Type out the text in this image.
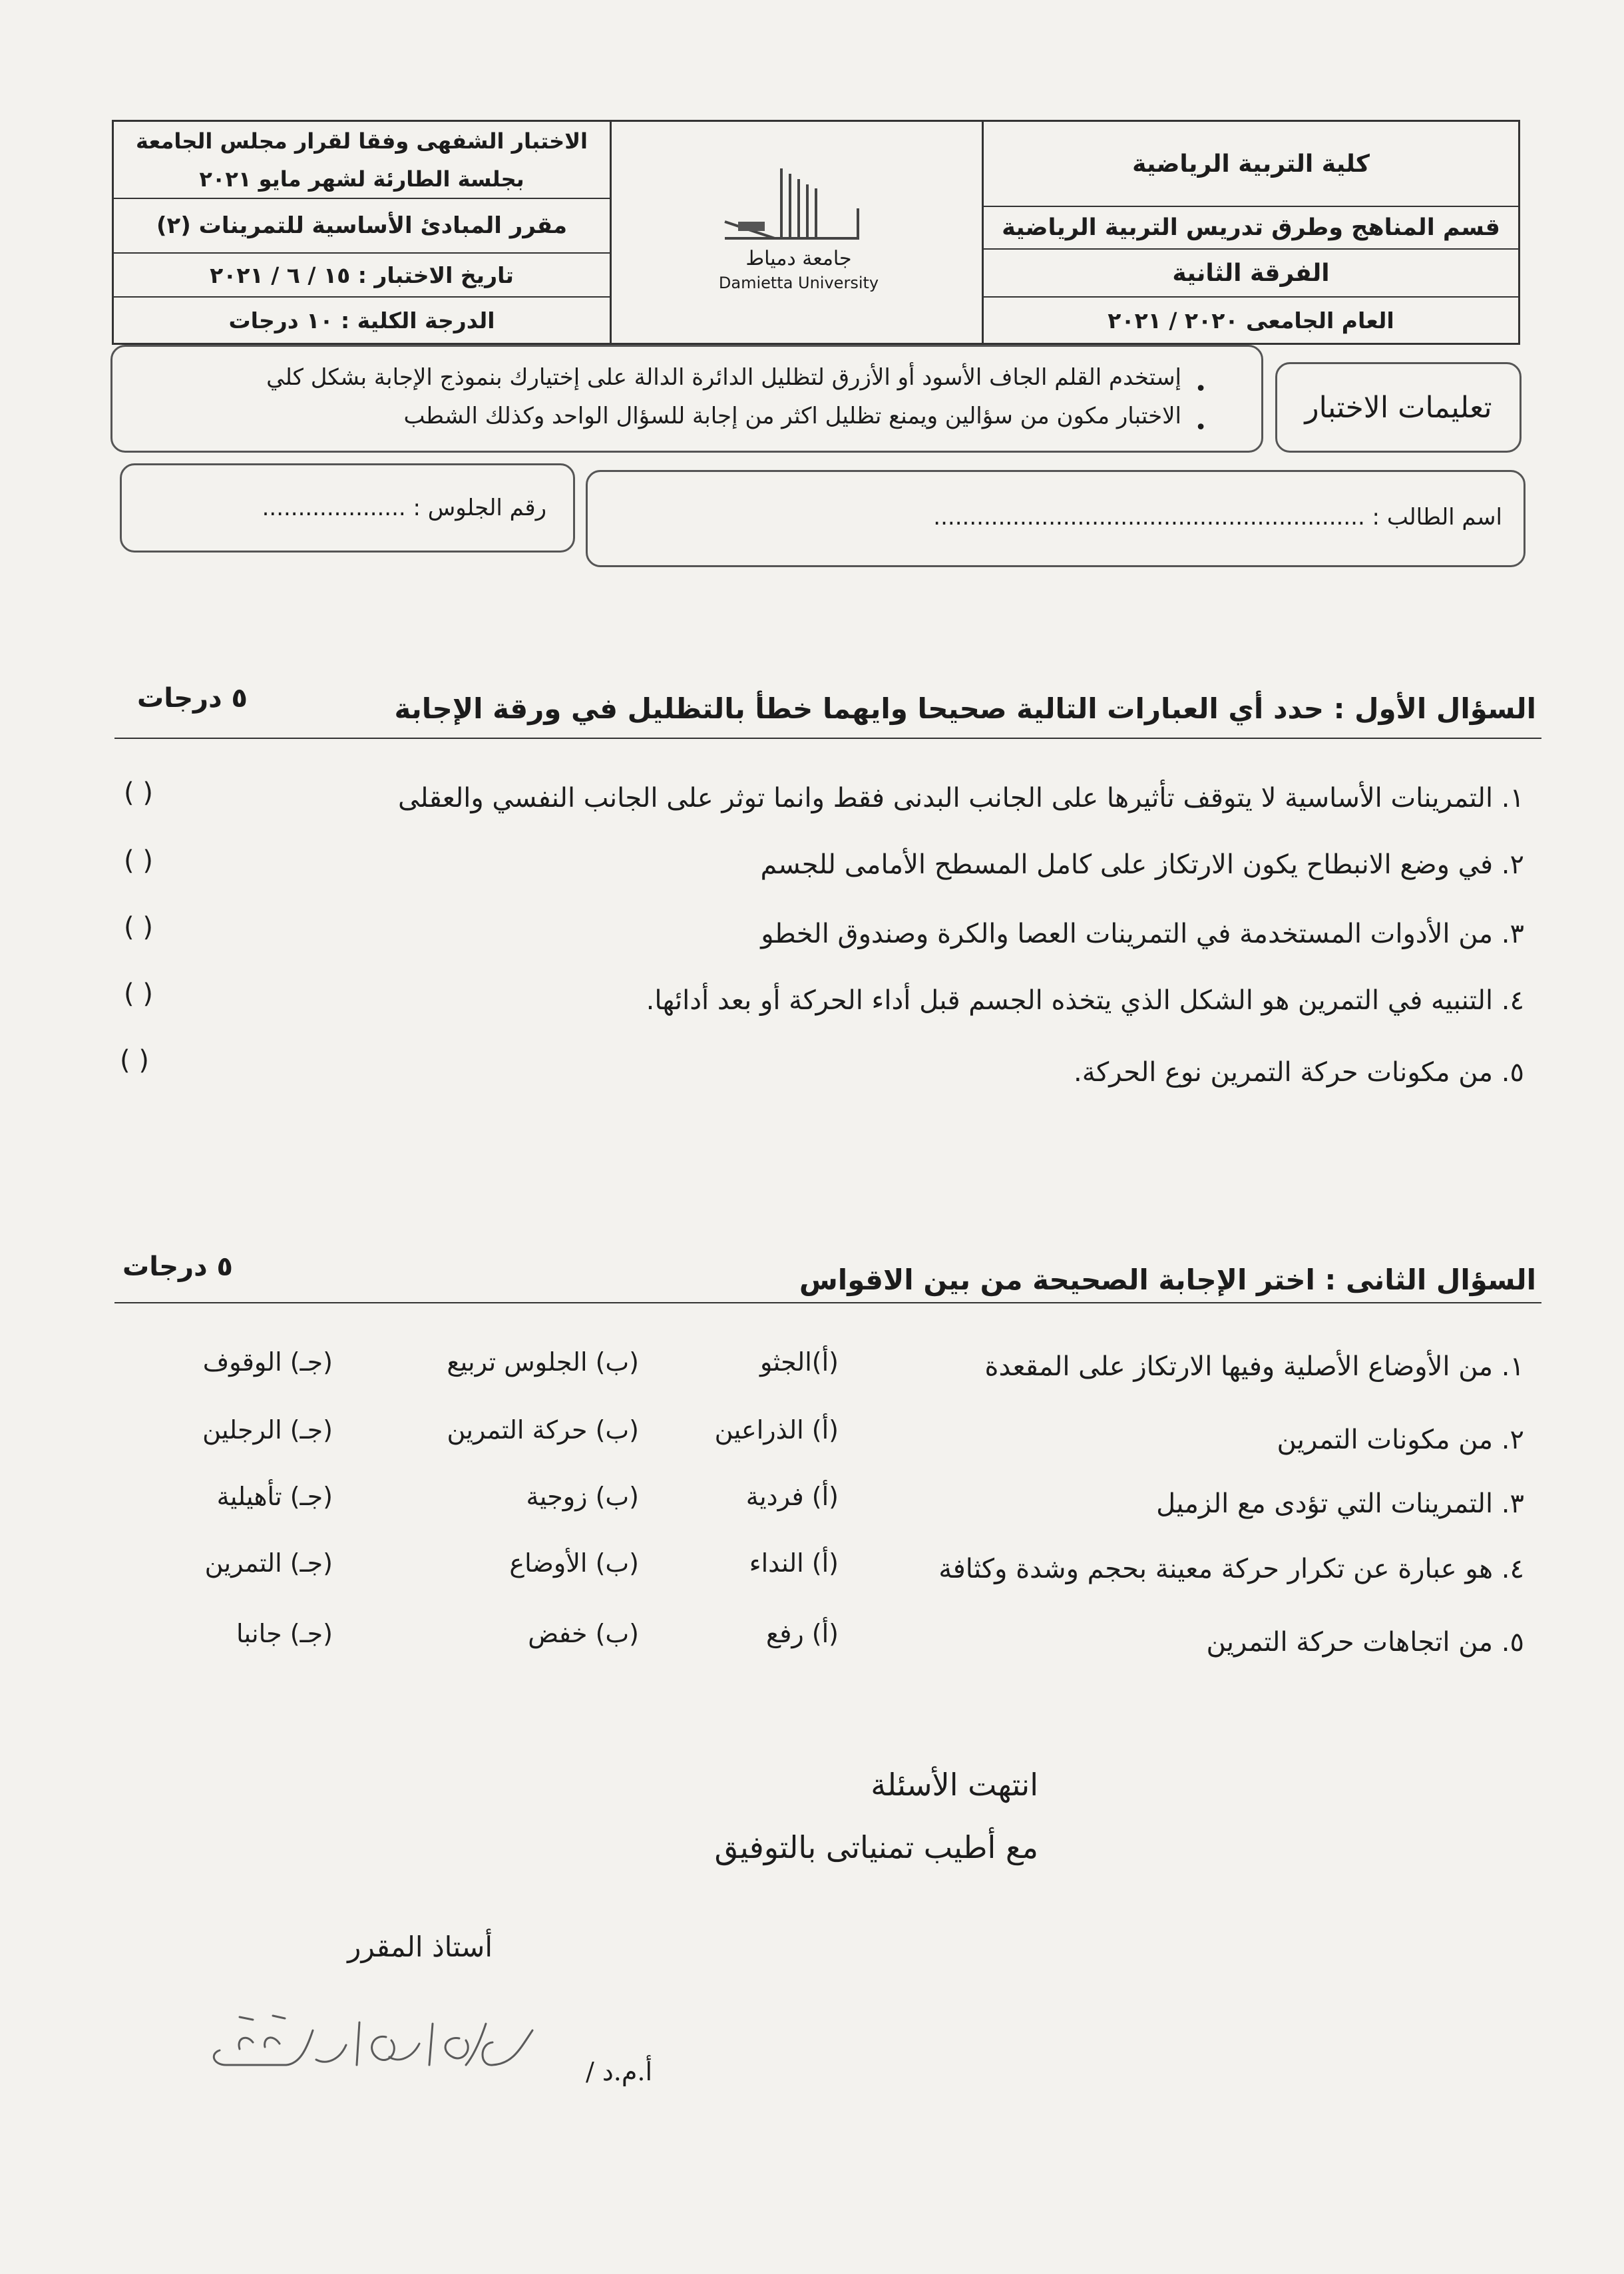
كلية التربية الرياضية
قسم المناهج وطرق تدريس التربية الرياضية
الفرقة الثانية
العام الجامعى ٢٠٢٠ / ٢٠٢١
جامعة دمياط
Damietta University
الاختبار الشفهى وفقا لقرار مجلس الجامعة
بجلسة الطارئة لشهر مايو ٢٠٢١
مقرر المبادئ الأساسية للتمرينات (٢)
تاريخ الاختبار : ١٥ / ٦ / ٢٠٢١
الدرجة الكلية : ١٠ درجات
تعليمات الاختبار
•
إستخدم القلم الجاف الأسود أو الأزرق لتظليل الدائرة الدالة على إختيارك بنموذج الإجابة بشكل كلي
•
الاختبار مكون من سؤالين ويمنع تظليل اكثر من إجابة للسؤال الواحد وكذلك الشطب
اسم الطالب : ............................................................
رقم الجلوس : ....................
السؤال الأول : حدد أي العبارات التالية صحيحا وايهما خطأ بالتظليل في ورقة الإجابة
٥ درجات
١. التمرينات الأساسية لا يتوقف تأثيرها على الجانب البدنى فقط وانما توثر على الجانب النفسي والعقلى
٢. في وضع الانبطاح يكون الارتكاز على كامل المسطح الأمامى للجسم
٣. من الأدوات المستخدمة في التمرينات العصا والكرة وصندوق الخطو
٤. التنبيه في التمرين هو الشكل الذي يتخذه الجسم قبل أداء الحركة أو بعد أدائها.
٥. من مكونات حركة التمرين نوع الحركة.
( )
( )
( )
( )
( )
السؤال الثانى : اختر الإجابة الصحيحة من بين الاقواس
٥ درجات
١. من الأوضاع الأصلية وفيها الارتكاز على المقعدة
(أ)الجثو
(ب) الجلوس تربيع
(جـ) الوقوف
٢. من مكونات التمرين
(أ) الذراعين
(ب) حركة التمرين
(جـ) الرجلين
٣. التمرينات التي تؤدى مع الزميل
(أ) فردية
(ب) زوجية
(جـ) تأهيلية
٤. هو عبارة عن تكرار حركة معينة بحجم وشدة وكثافة
(أ) النداء
(ب) الأوضاع
(جـ) التمرين
٥. من اتجاهات حركة التمرين
(أ) رفع
(ب) خفض
(جـ) جانبا
انتهت الأسئلة
مع أطيب تمنياتى بالتوفيق
أستاذ المقرر
أ.م.د /
